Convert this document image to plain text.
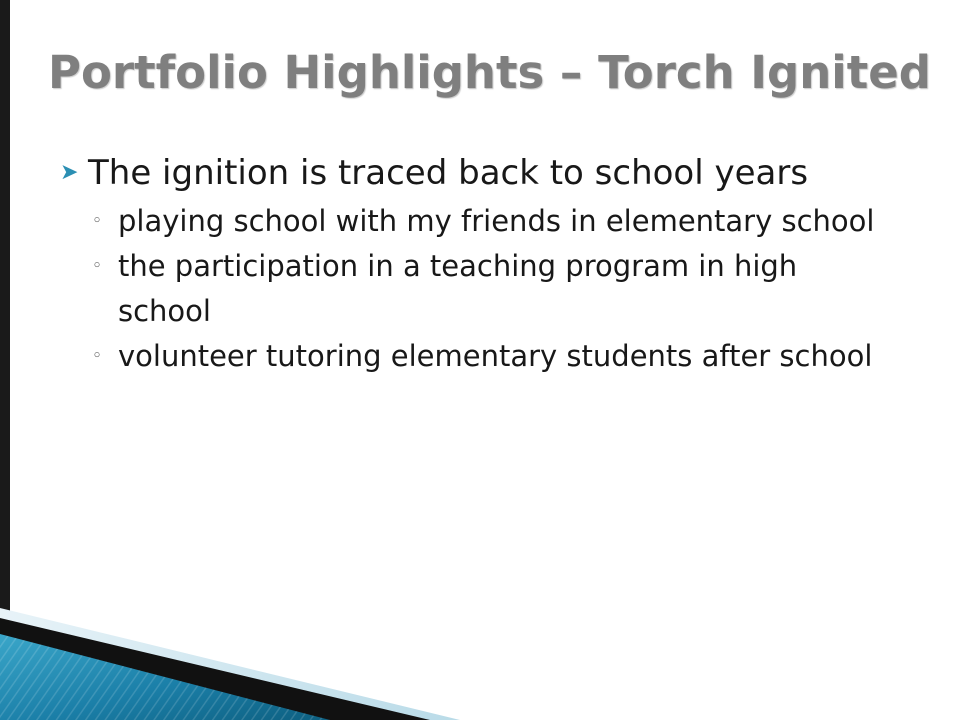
Portfolio Highlights – Torch Ignited
➤ The ignition is traced back to school years
◦ playing school with my friends in elementary school
◦ the participation in a teaching program in high school
◦ volunteer tutoring elementary students after school
